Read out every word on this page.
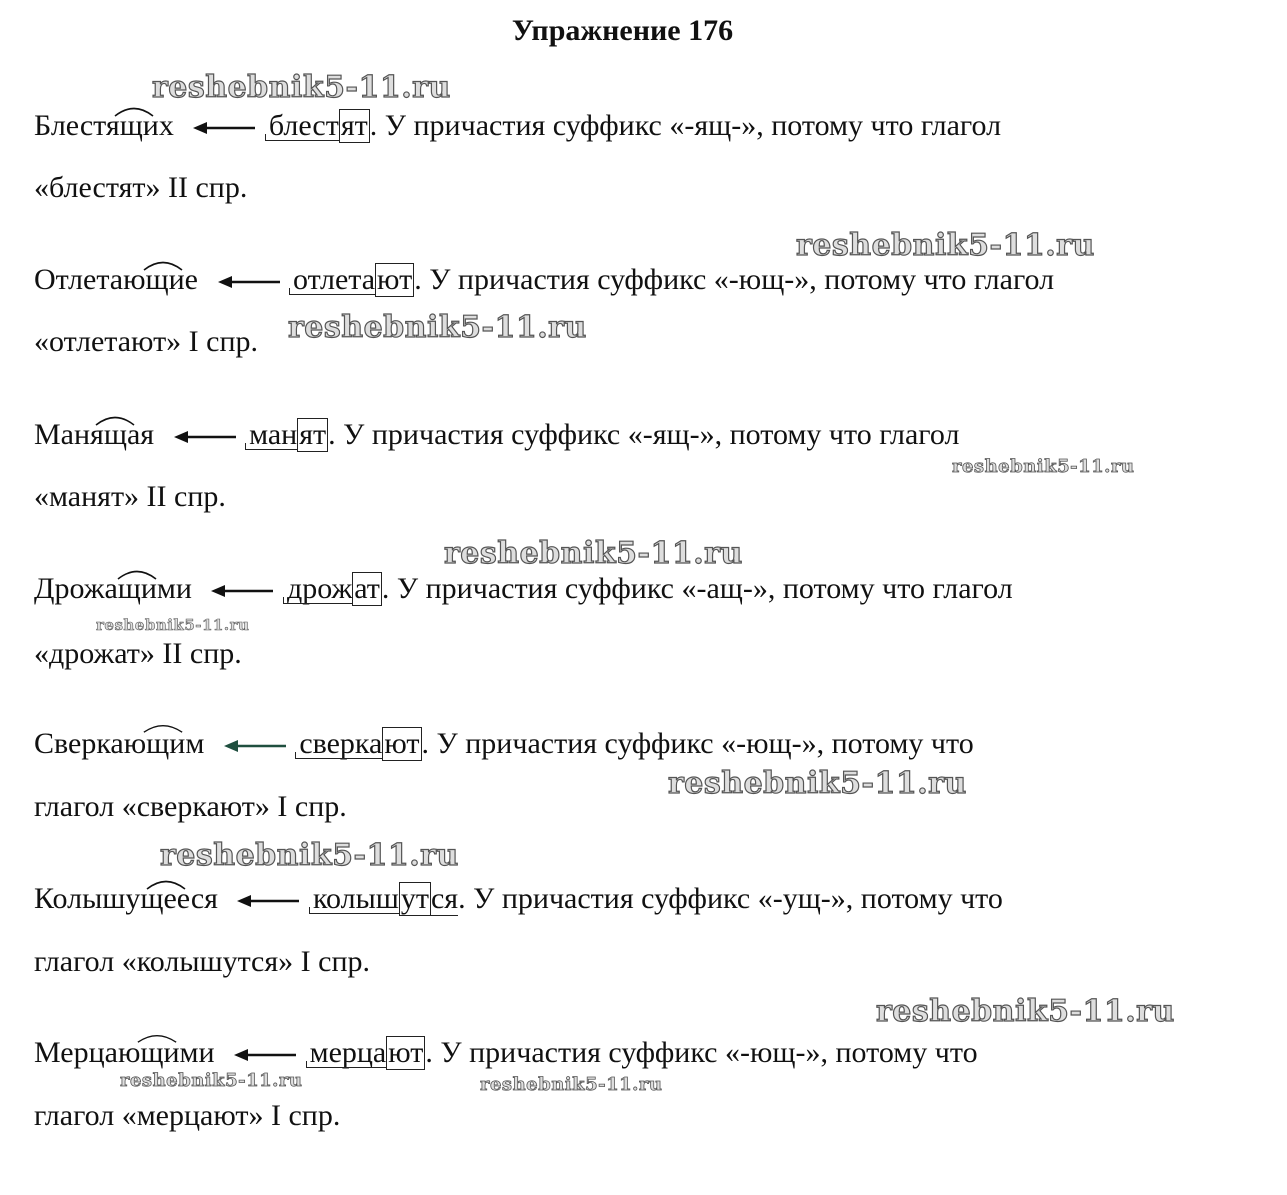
Упражнение 176
Блестящих	блестят. У причастия суффикс «-ящ-», потому что глагол
«блестят» II спр.
Отлетающие	отлетают. У причастия суффикс «-ющ-», потому что глагол
«отлетают» I спр.
Манящая	манят. У причастия суффикс «-ящ-», потому что глагол
«манят» II спр.
Дрожащими	дрожат. У причастия суффикс «-ащ-», потому что глагол
«дрожат» II спр.
Сверкающим	сверкают. У причастия суффикс «-ющ-», потому что
глагол «сверкают» I спр.
Колышущееся	колышутся. У причастия суффикс «-ущ-», потому что
глагол «колышутся» I спр.
Мерцающими	мерцают. У причастия суффикс «-ющ-», потому что
глагол «мерцают» I спр.
reshebnik5-11.ru
reshebnik5-11.ru
reshebnik5-11.ru
reshebnik5-11.ru
reshebnik5-11.ru
reshebnik5-11.ru
reshebnik5-11.ru
reshebnik5-11.ru
reshebnik5-11.ru
reshebnik5-11.ru	reshebnik5-11.ru
